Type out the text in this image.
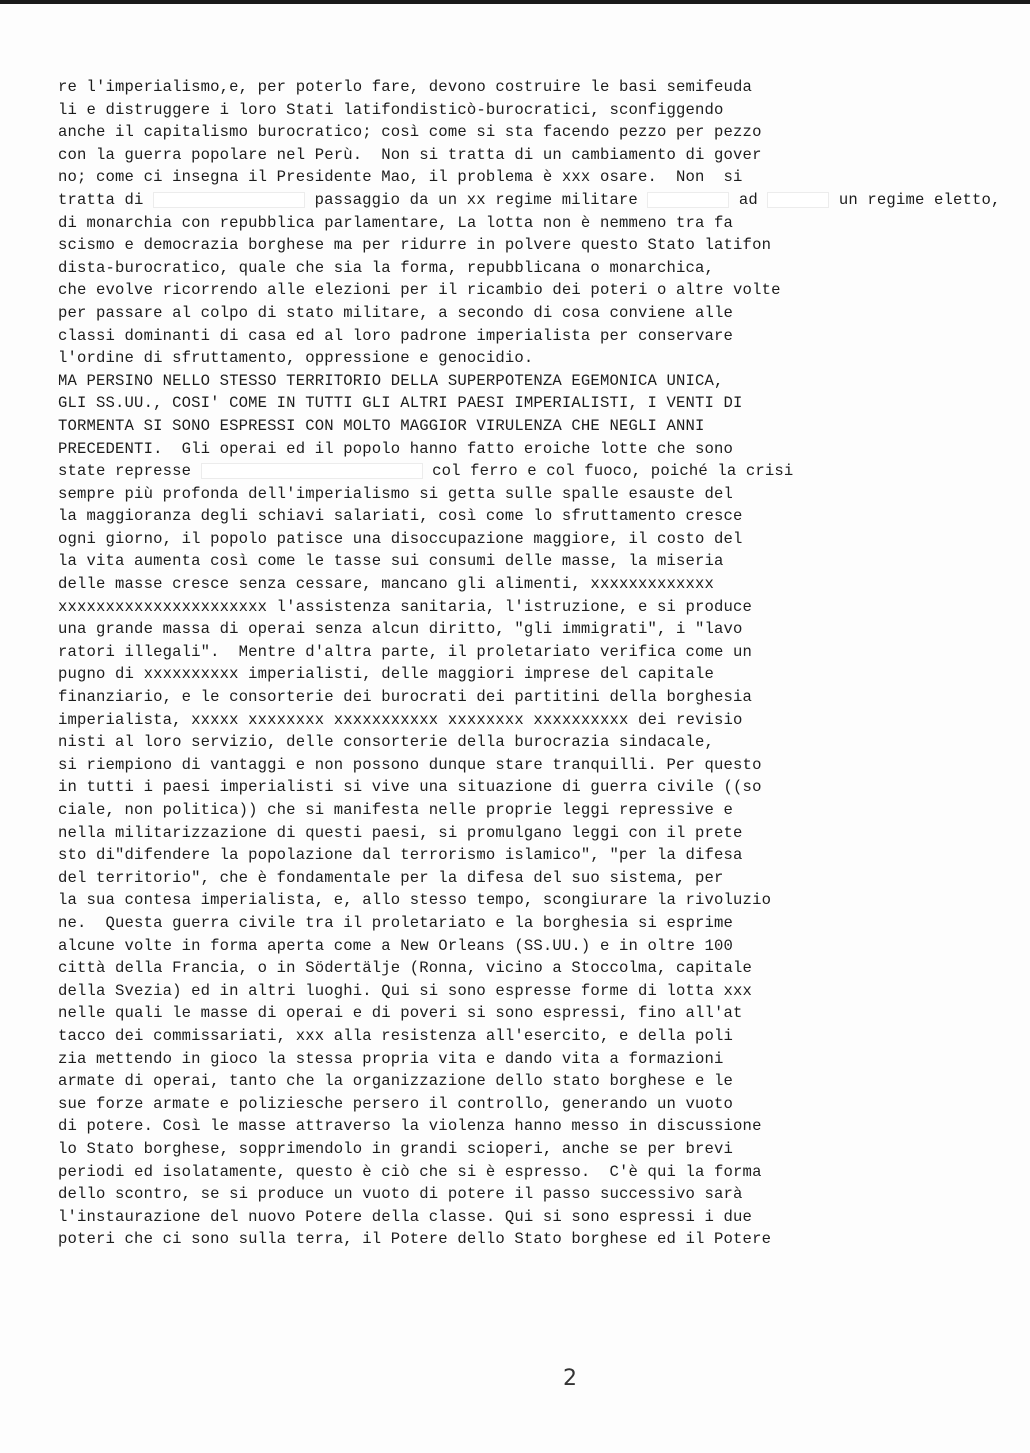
re l'imperialismo,e, per poterlo fare, devono costruire le basi semifeuda
li e distruggere i loro Stati latifondisticò-burocratici, sconfiggendo
anche il capitalismo burocratico; così come si sta facendo pezzo per pezzo
con la guerra popolare nel Perù.  Non si tratta di un cambiamento di gover
no; come ci insegna il Presidente Mao, il problema è xxx osare.  Non  si
tratta di	passaggio da un xx regime militare	ad	un regime eletto,
di monarchia con repubblica parlamentare, La lotta non è nemmeno tra fa
scismo e democrazia borghese ma per ridurre in polvere questo Stato latifon
dista-burocratico, quale che sia la forma, repubblicana o monarchica,
che evolve ricorrendo alle elezioni per il ricambio dei poteri o altre volte
per passare al colpo di stato militare, a secondo di cosa conviene alle
classi dominanti di casa ed al loro padrone imperialista per conservare
l'ordine di sfruttamento, oppressione e genocidio.
MA PERSINO NELLO STESSO TERRITORIO DELLA SUPERPOTENZA EGEMONICA UNICA,
GLI SS.UU., COSI' COME IN TUTTI GLI ALTRI PAESI IMPERIALISTI, I VENTI DI
TORMENTA SI SONO ESPRESSI CON MOLTO MAGGIOR VIRULENZA CHE NEGLI ANNI
PRECEDENTI.  Gli operai ed il popolo hanno fatto eroiche lotte che sono
state represse	col ferro e col fuoco, poiché la crisi
sempre più profonda dell'imperialismo si getta sulle spalle esauste del
la maggioranza degli schiavi salariati, così come lo sfruttamento cresce
ogni giorno, il popolo patisce una disoccupazione maggiore, il costo del
la vita aumenta così come le tasse sui consumi delle masse, la miseria
delle masse cresce senza cessare, mancano gli alimenti, xxxxxxxxxxxxx
xxxxxxxxxxxxxxxxxxxxxx l'assistenza sanitaria, l'istruzione, e si produce
una grande massa di operai senza alcun diritto, "gli immigrati", i "lavo
ratori illegali".  Mentre d'altra parte, il proletariato verifica come un
pugno di xxxxxxxxxx imperialisti, delle maggiori imprese del capitale
finanziario, e le consorterie dei burocrati dei partitini della borghesia
imperialista, xxxxx xxxxxxxx xxxxxxxxxxx xxxxxxxx xxxxxxxxxx dei revisio
nisti al loro servizio, delle consorterie della burocrazia sindacale,
si riempiono di vantaggi e non possono dunque stare tranquilli. Per questo
in tutti i paesi imperialisti si vive una situazione di guerra civile ((so
ciale, non politica)) che si manifesta nelle proprie leggi repressive e
nella militarizzazione di questi paesi, si promulgano leggi con il prete
sto di"difendere la popolazione dal terrorismo islamico", "per la difesa
del territorio", che è fondamentale per la difesa del suo sistema, per
la sua contesa imperialista, e, allo stesso tempo, scongiurare la rivoluzio
ne.  Questa guerra civile tra il proletariato e la borghesia si esprime
alcune volte in forma aperta come a New Orleans (SS.UU.) e in oltre 100
città della Francia, o in Södertälje (Ronna, vicino a Stoccolma, capitale
della Svezia) ed in altri luoghi. Qui si sono espresse forme di lotta xxx
nelle quali le masse di operai e di poveri si sono espressi, fino all'at
tacco dei commissariati, xxx alla resistenza all'esercito, e della poli
zia mettendo in gioco la stessa propria vita e dando vita a formazioni
armate di operai, tanto che la organizzazione dello stato borghese e le
sue forze armate e poliziesche persero il controllo, generando un vuoto
di potere. Così le masse attraverso la violenza hanno messo in discussione
lo Stato borghese, sopprimendolo in grandi scioperi, anche se per brevi
periodi ed isolatamente, questo è ciò che si è espresso.  C'è qui la forma
dello scontro, se si produce un vuoto di potere il passo successivo sarà
l'instaurazione del nuovo Potere della classe. Qui si sono espressi i due
poteri che ci sono sulla terra, il Potere dello Stato borghese ed il Potere
2
